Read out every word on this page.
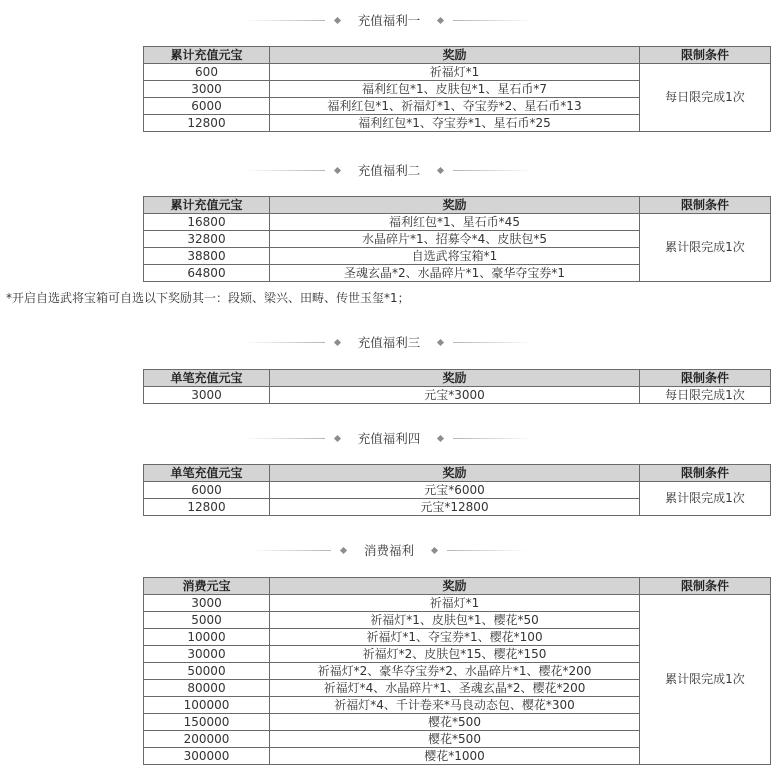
充值福利一
累计充值元宝	奖励	限制条件
600	祈福灯*1	每日限完成1次
3000	福利红包*1、皮肤包*1、星石币*7	
6000	福利红包*1、祈福灯*1、夺宝券*2、星石币*13	
12800	福利红包*1、夺宝券*1、星石币*25	
充值福利二
累计充值元宝	奖励	限制条件
16800	福利红包*1、星石币*45	累计限完成1次
32800	水晶碎片*1、招募令*4、皮肤包*5	
38800	自选武将宝箱*1	
64800	圣魂玄晶*2、水晶碎片*1、豪华夺宝券*1	
*开启自选武将宝箱可自选以下奖励其一：段颎、梁兴、田畴、传世玉玺*1；
充值福利三
单笔充值元宝	奖励	限制条件
3000	元宝*3000	每日限完成1次
充值福利四
单笔充值元宝	奖励	限制条件
6000	元宝*6000	累计限完成1次
12800	元宝*12800	
消费福利
消费元宝	奖励	限制条件
3000	祈福灯*1	累计限完成1次
5000	祈福灯*1、皮肤包*1、樱花*50	
10000	祈福灯*1、夺宝券*1、樱花*100	
30000	祈福灯*2、皮肤包*15、樱花*150	
50000	祈福灯*2、豪华夺宝券*2、水晶碎片*1、樱花*200	
80000	祈福灯*4、水晶碎片*1、圣魂玄晶*2、樱花*200	
100000	祈福灯*4、千计卷来*马良动态包、樱花*300	
150000	樱花*500	
200000	樱花*500	
300000	樱花*1000	
